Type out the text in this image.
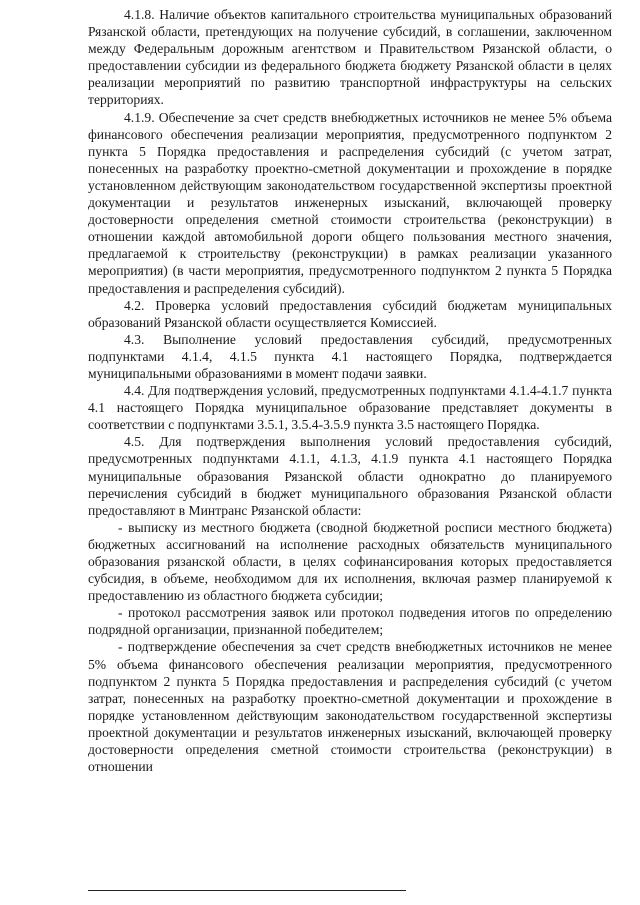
4.1.8. Наличие объектов капитального строительства муниципальных образований Рязанской области, претендующих на получение субсидий, в соглашении, заключенном между Федеральным дорожным агентством и Правительством Рязанской области, о предоставлении субсидии из федерального бюджета бюджету Рязанской области в целях реализации мероприятий по развитию транспортной инфраструктуры на сельских территориях.

4.1.9. Обеспечение за счет средств внебюджетных источников не менее 5% объема финансового обеспечения реализации мероприятия, предусмотренного подпунктом 2 пункта 5 Порядка предоставления и распределения субсидий (с учетом затрат, понесенных на разработку проектно-сметной документации и прохождение в порядке установленном действующим законодательством государственной экспертизы проектной документации и результатов инженерных изысканий, включающей проверку достоверности определения сметной стоимости строительства (реконструкции) в отношении каждой автомобильной дороги общего пользования местного значения, предлагаемой к строительству (реконструкции) в рамках реализации указанного мероприятия) (в части мероприятия, предусмотренного подпунктом 2 пункта 5 Порядка предоставления и распределения субсидий).

4.2. Проверка условий предоставления субсидий бюджетам муниципальных образований Рязанской области осуществляется Комиссией.

4.3. Выполнение условий предоставления субсидий, предусмотренных подпунктами 4.1.4, 4.1.5 пункта 4.1 настоящего Порядка, подтверждается муниципальными образованиями в момент подачи заявки.

4.4. Для подтверждения условий, предусмотренных подпунктами 4.1.4-4.1.7 пункта 4.1 настоящего Порядка муниципальное образование представляет документы в соответствии с подпунктами 3.5.1, 3.5.4-3.5.9 пункта 3.5 настоящего Порядка.

4.5. Для подтверждения выполнения условий предоставления субсидий, предусмотренных подпунктами 4.1.1, 4.1.3, 4.1.9 пункта 4.1 настоящего Порядка муниципальные образования Рязанской области однократно до планируемого перечисления субсидий в бюджет муниципального образования Рязанской области предоставляют в Минтранс Рязанской области:

- выписку из местного бюджета (сводной бюджетной росписи местного бюджета) бюджетных ассигнований на исполнение расходных обязательств муниципального образования рязанской области, в целях софинансирования которых предоставляется субсидия, в объеме, необходимом для их исполнения, включая размер планируемой к предоставлению из областного бюджета субсидии;

- протокол рассмотрения заявок или протокол подведения итогов по определению подрядной организации, признанной победителем;

- подтверждение обеспечения за счет средств внебюджетных источников не менее 5% объема финансового обеспечения реализации мероприятия, предусмотренного подпунктом 2 пункта 5 Порядка предоставления и распределения субсидий (с учетом затрат, понесенных на разработку проектно-сметной документации и прохождение в порядке установленном действующим законодательством государственной экспертизы проектной документации и результатов инженерных изысканий, включающей проверку достоверности определения сметной стоимости строительства (реконструкции) в отношении
